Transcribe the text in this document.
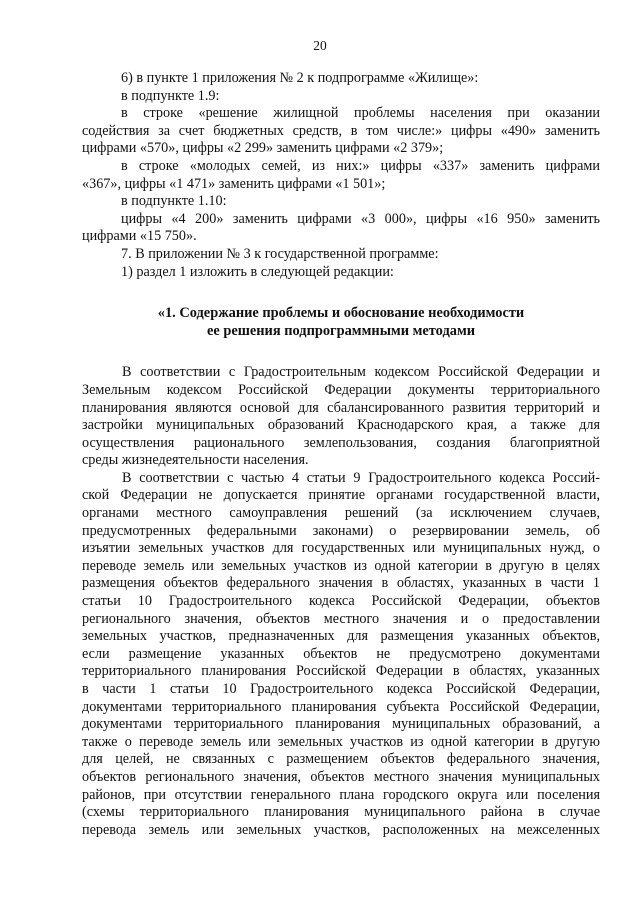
20
6) в пункте 1 приложения № 2 к подпрограмме «Жилище»:
в подпункте 1.9:
в строке «решение жилищной проблемы населения при оказании
содействия за счет бюджетных средств, в том числе:» цифры «490» заменить
цифрами «570», цифры «2 299» заменить цифрами «2 379»;
в строке «молодых семей, из них:» цифры «337» заменить цифрами
«367», цифры «1 471» заменить цифрами «1 501»;
в подпункте 1.10:
цифры «4 200» заменить цифрами «3 000», цифры «16 950» заменить
цифрами «15 750».
7. В приложении № 3 к государственной программе:
1) раздел 1 изложить в следующей редакции:
«1. Содержание проблемы и обоснование необходимости
ее решения подпрограммными методами
В соответствии с Градостроительным кодексом Российской Федерации и
Земельным кодексом Российской Федерации документы территориального
планирования являются основой для сбалансированного развития территорий и
застройки муниципальных образований Краснодарского края, а также для
осуществления рационального землепользования, создания благоприятной
среды жизнедеятельности населения.
В соответствии с частью 4 статьи 9 Градостроительного кодекса Россий-
ской Федерации не допускается принятие органами государственной власти,
органами местного самоуправления решений (за исключением случаев,
предусмотренных федеральными законами) о резервировании земель, об
изъятии земельных участков для государственных или муниципальных нужд, о
переводе земель или земельных участков из одной категории в другую в целях
размещения объектов федерального значения в областях, указанных в части 1
статьи 10 Градостроительного кодекса Российской Федерации, объектов
регионального значения, объектов местного значения и о предоставлении
земельных участков, предназначенных для размещения указанных объектов,
если размещение указанных объектов не предусмотрено документами
территориального планирования Российской Федерации в областях, указанных
в части 1 статьи 10 Градостроительного кодекса Российской Федерации,
документами территориального планирования субъекта Российской Федерации,
документами территориального планирования муниципальных образований, а
также о переводе земель или земельных участков из одной категории в другую
для целей, не связанных с размещением объектов федерального значения,
объектов регионального значения, объектов местного значения муниципальных
районов, при отсутствии генерального плана городского округа или поселения
(схемы территориального планирования муниципального района в случае
перевода земель или земельных участков, расположенных на межселенных
